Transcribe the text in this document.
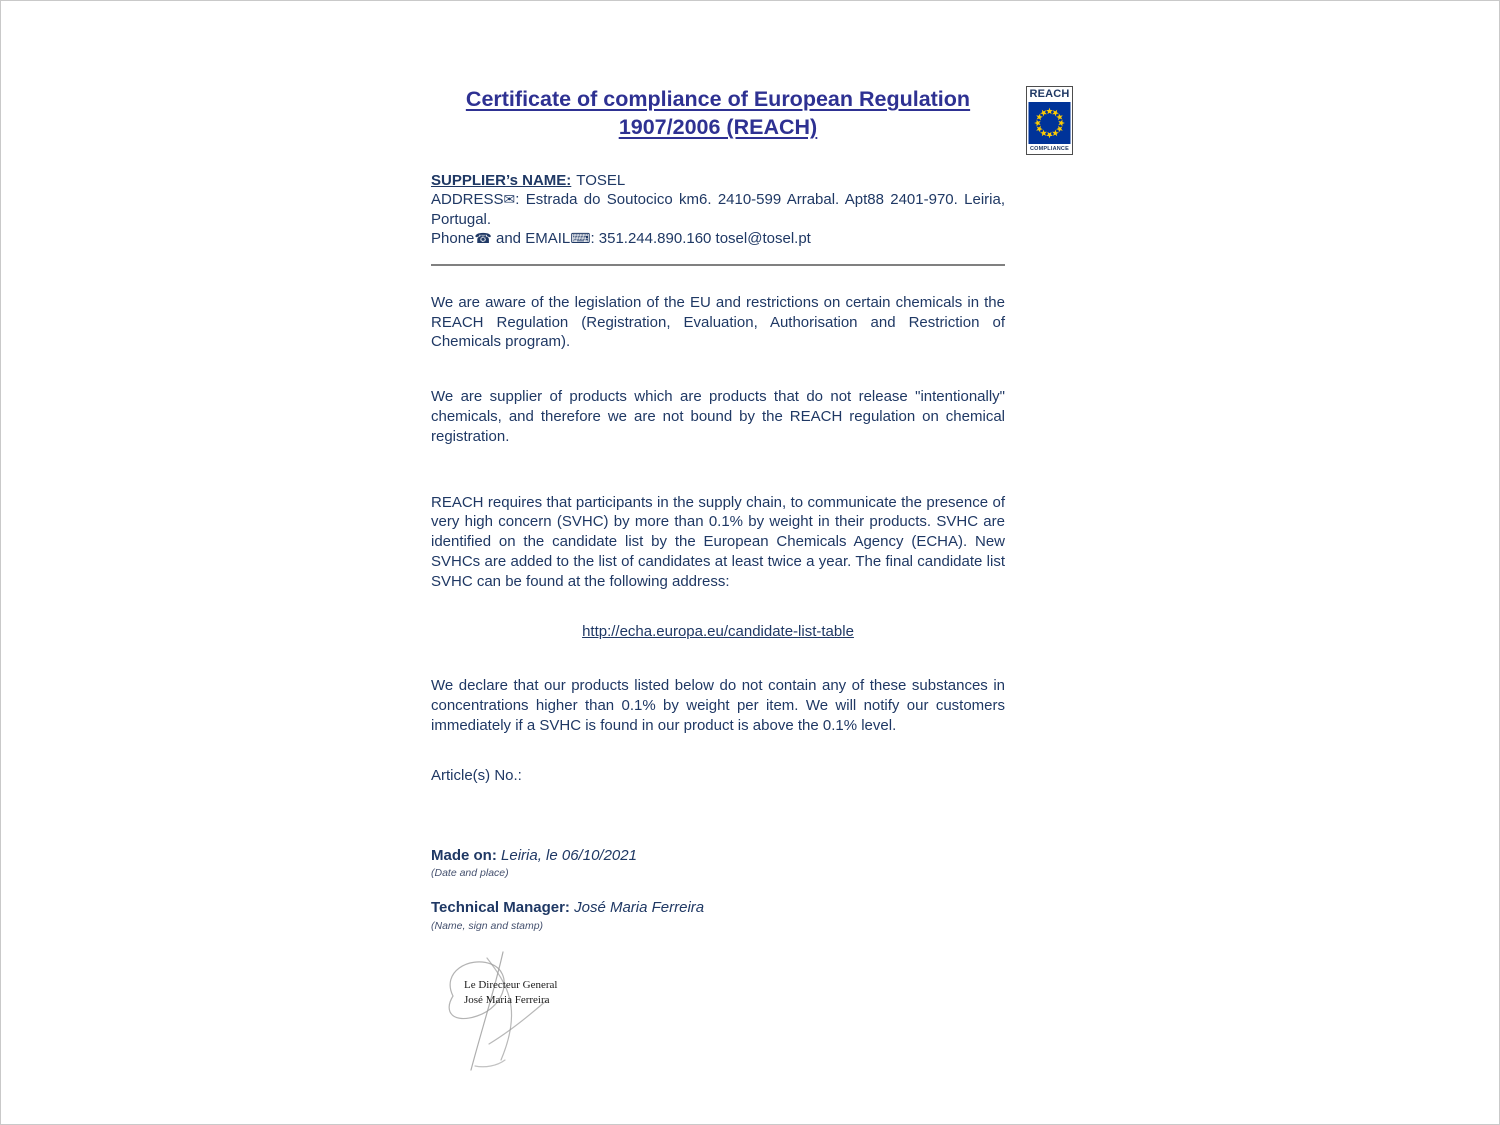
REACH
COMPLIANCE
Certificate of compliance of European Regulation
1907/2006 (REACH)

SUPPLIER’s NAME: TOSEL

ADDRESS✉: Estrada do Soutocico km6. 2410-599 Arrabal. Apt88 2401-970. Leiria, Portugal.

Phone☎ and EMAIL⌨: 351.244.890.160 tosel@tosel.pt

We are aware of the legislation of the EU and restrictions on certain chemicals in the REACH Regulation (Registration, Evaluation, Authorisation and Restriction of Chemicals program).

We are supplier of products which are products that do not release "intentionally" chemicals, and therefore we are not bound by the REACH regulation on chemical registration.

REACH requires that participants in the supply chain, to communicate the presence of very high concern (SVHC) by more than 0.1% by weight in their products. SVHC are identified on the candidate list by the European Chemicals Agency (ECHA). New SVHCs are added to the list of candidates at least twice a year. The final candidate list SVHC can be found at the following address:

http://echa.europa.eu/candidate-list-table

We declare that our products listed below do not contain any of these substances in concentrations higher than 0.1% by weight per item. We will notify our customers immediately if a SVHC is found in our product is above the 0.1% level.

Article(s) No.:

Made on: Leiria, le 06/10/2021

(Date and place)

Technical Manager: José Maria Ferreira

(Name, sign and stamp)

Le Directeur General
José Maria Ferreira
